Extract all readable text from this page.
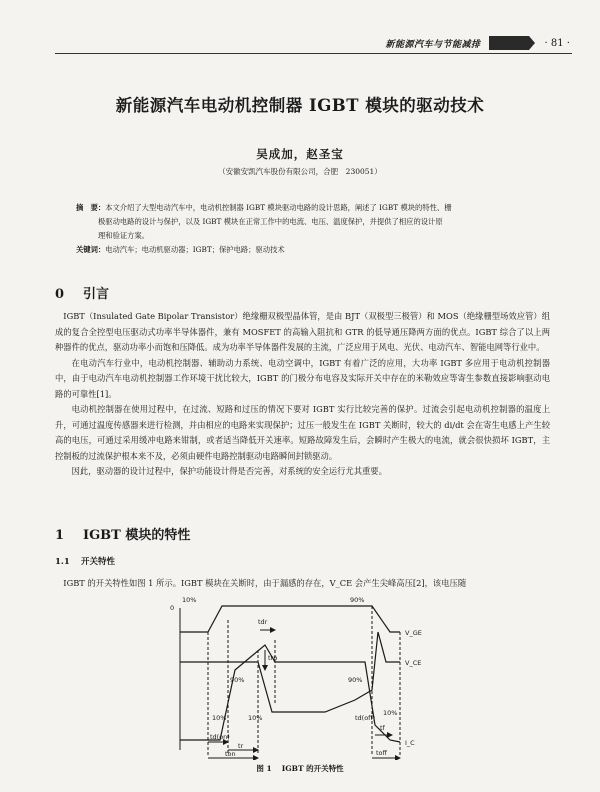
新能源汽车与节能减排	· 81 ·
新能源汽车电动机控制器 IGBT 模块的驱动技术
吴成加，赵圣宝
（安徽安凯汽车股份有限公司，合肥　230051）
摘　要：本文介绍了大型电动汽车中，电动机控制器 IGBT 模块驱动电路的设计思路，阐述了 IGBT 模块的特性、栅
极驱动电路的设计与保护，以及 IGBT 模块在正常工作中的电流、电压、温度保护，并提供了相应的设计原
理和验证方案。
关键词：电动汽车；电动机驱动器；IGBT；保护电路；驱动技术
0 引言

IGBT（Insulated Gate Bipolar Transistor）绝缘栅双极型晶体管，是由 BJT（双极型三极管）和 MOS（绝缘栅型场效应管）组成的复合全控型电压驱动式功率半导体器件，兼有 MOSFET 的高输入阻抗和 GTR 的低导通压降两方面的优点。IGBT 综合了以上两种器件的优点，驱动功率小而饱和压降低。成为功率半导体器件发展的主流，广泛应用于风电、光伏、电动汽车、智能电网等行业中。

在电动汽车行业中，电动机控制器、辅助动力系统、电动空调中，IGBT 有着广泛的应用，大功率 IGBT 多应用于电动机控制器中，由于电动汽车电动机控制器工作环境干扰比较大，IGBT 的门极分布电容及实际开关中存在的米勒效应等寄生参数直接影响驱动电路的可靠性[1]。

电动机控制器在使用过程中，在过流、短路和过压的情况下要对 IGBT 实行比较完善的保护。过流会引起电动机控制器的温度上升，可通过温度传感器来进行检测，并由相应的电路来实现保护；过压一般发生在 IGBT 关断时，较大的 di/dt 会在寄生电感上产生较高的电压，可通过采用缓冲电路来钳制，或者适当降低开关速率。短路故障发生后，会瞬时产生极大的电流，就会很快损坏 IGBT，主控制板的过流保护根本来不及，必须由硬件电路控制驱动电路瞬间封锁驱动。

因此，驱动器的设计过程中，保护功能设计得是否完善，对系统的安全运行尤其重要。

1 IGBT 模块的特性
1.1 开关特性

IGBT 的开关特性如图 1 所示。IGBT 模块在关断时，由于漏感的存在，V_CE 会产生尖峰高压[2]，该电压随

0
10%	90%
V_GE
V_CE
I_C
tdr
trp
90%	90%
10%	10%
10%
td(on)
tr
ton
tf
toff
td(off)
图 1 IGBT 的开关特性
